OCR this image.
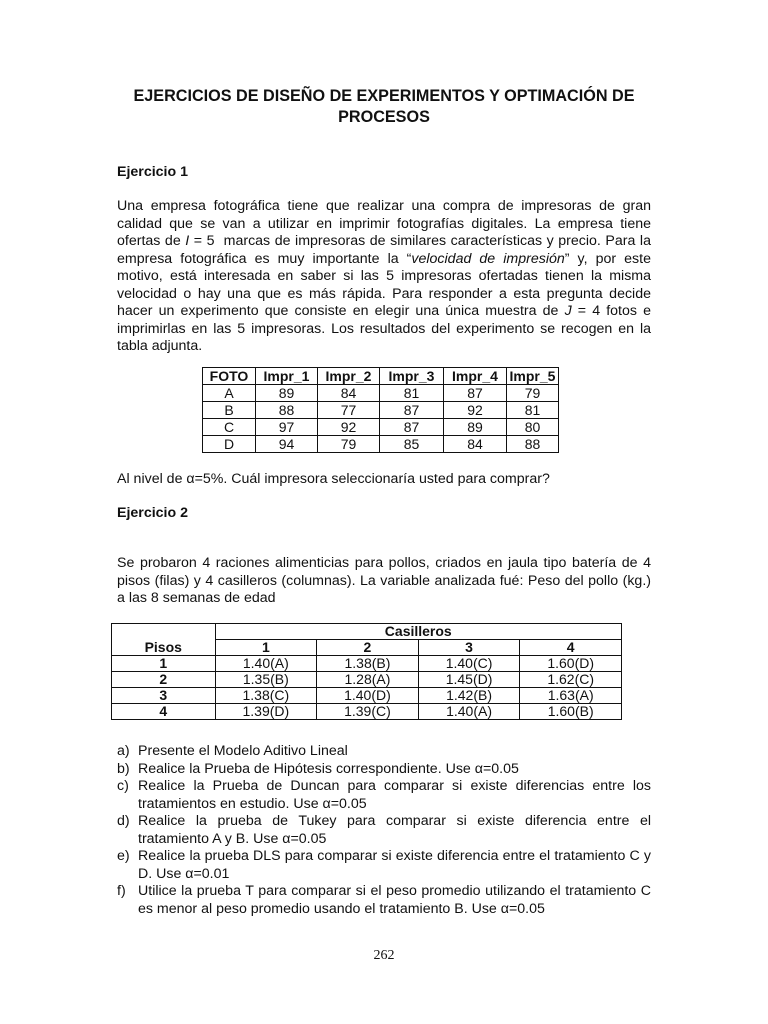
EJERCICIOS DE DISEÑO DE EXPERIMENTOS Y OPTIMACIÓN DE
PROCESOS
Ejercicio 1
Una empresa fotográfica tiene que realizar una compra de impresoras de gran
calidad que se van a utilizar en imprimir fotografías digitales. La empresa tiene
ofertas de I = 5 marcas de impresoras de similares características y precio. Para la
empresa fotográfica es muy importante la “velocidad de impresión” y, por este
motivo, está interesada en saber si las 5 impresoras ofertadas tienen la misma
velocidad o hay una que es más rápida. Para responder a esta pregunta decide
hacer un experimento que consiste en elegir una única muestra de J = 4 fotos e
imprimirlas en las 5 impresoras. Los resultados del experimento se recogen en la
tabla adjunta.
FOTO	Impr_1	Impr_2	Impr_3	Impr_4	Impr_5
A	89	84	81	87	79
B	88	77	87	92	81
C	97	92	87	89	80
D	94	79	85	84	88
Al nivel de α=5%. Cuál impresora seleccionaría usted para comprar?
Ejercicio 2
Se probaron 4 raciones alimenticias para pollos, criados en jaula tipo batería de 4
pisos (filas) y 4 casilleros (columnas). La variable analizada fué: Peso del pollo (kg.)
a las 8 semanas de edad
	Casilleros			
Pisos	1	2	3	4
1	1.40(A)	1.38(B)	1.40(C)	1.60(D)
2	1.35(B)	1.28(A)	1.45(D)	1.62(C)
3	1.38(C)	1.40(D)	1.42(B)	1.63(A)
4	1.39(D)	1.39(C)	1.40(A)	1.60(B)
a) Presente el Modelo Aditivo Lineal
b) Realice la Prueba de Hipótesis correspondiente. Use α=0.05
c) Realice la Prueba de Duncan para comparar si existe diferencias entre los
tratamientos en estudio. Use α=0.05
d) Realice la prueba de Tukey para comparar si existe diferencia entre el
tratamiento A y B. Use α=0.05
e) Realice la prueba DLS para comparar si existe diferencia entre el tratamiento C y
D. Use α=0.01
f) Utilice la prueba T para comparar si el peso promedio utilizando el tratamiento C
es menor al peso promedio usando el tratamiento B. Use α=0.05
262
